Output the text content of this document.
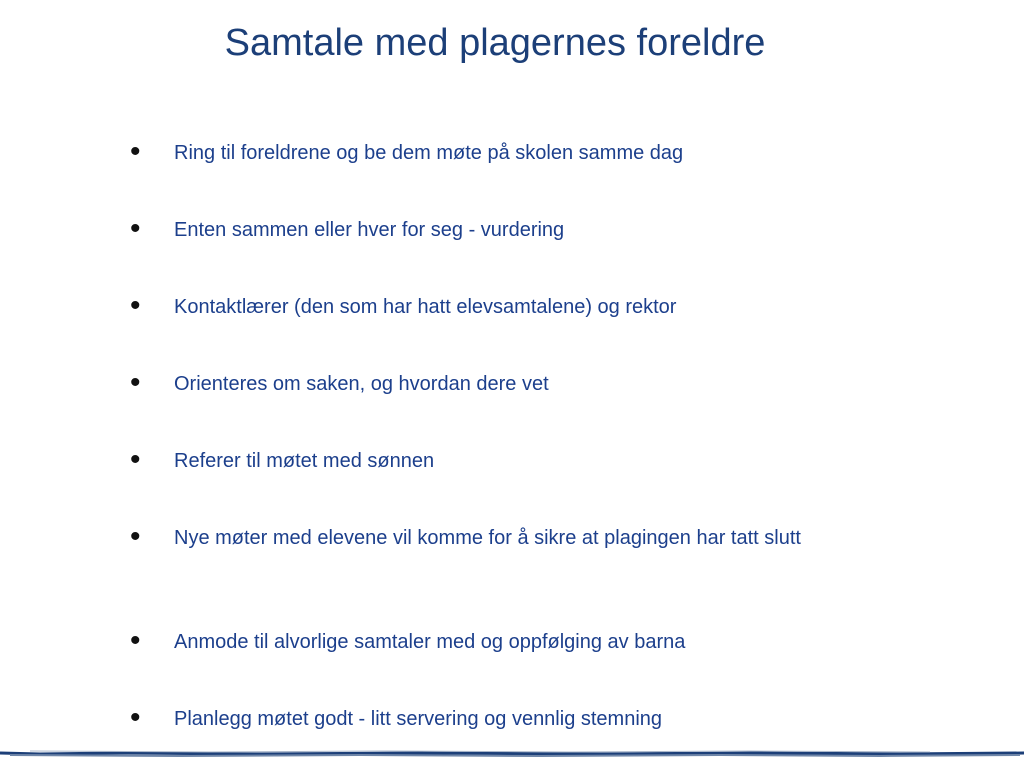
Samtale med plagernes foreldre
•	Ring til foreldrene og be dem møte på skolen samme dag
•	Enten sammen eller hver for seg - vurdering
•	Kontaktlærer (den som har hatt elevsamtalene) og rektor
•	Orienteres om saken, og hvordan dere vet
•	Referer til møtet med sønnen
•	Nye møter med elevene vil komme for å sikre at plagingen har tatt slutt
•	Anmode til alvorlige samtaler med og oppfølging av barna
•	Planlegg møtet godt - litt servering og vennlig stemning
